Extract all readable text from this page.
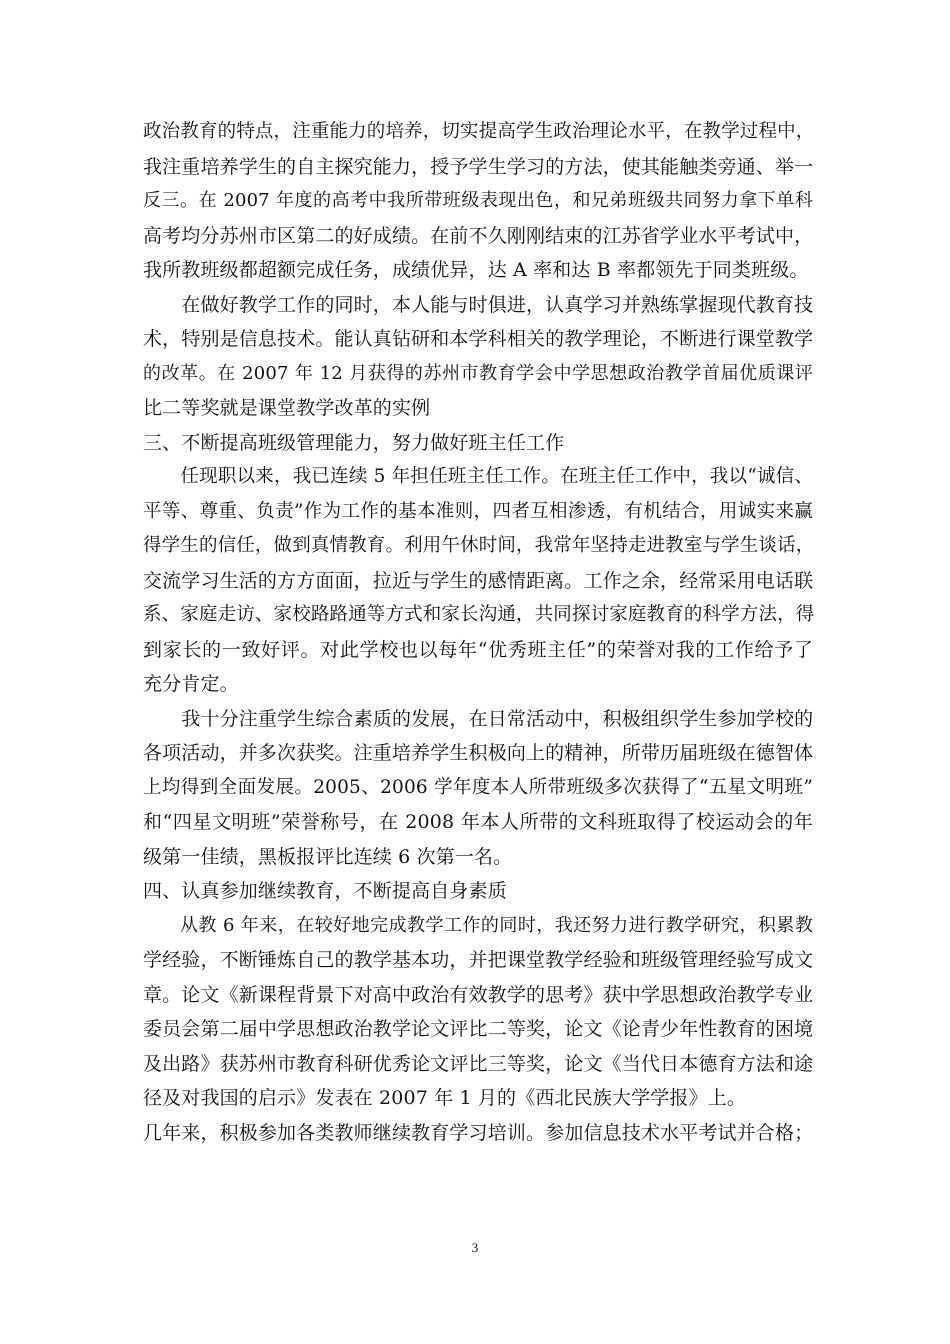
政治教育的特点，注重能力的培养，切实提高学生政治理论水平，在教学过程中，
我注重培养学生的自主探究能力，授予学生学习的方法，使其能触类旁通、举一
反三。在 2007 年度的高考中我所带班级表现出色，和兄弟班级共同努力拿下单科
高考均分苏州市区第二的好成绩。在前不久刚刚结束的江苏省学业水平考试中，
我所教班级都超额完成任务，成绩优异，达 A 率和达 B 率都领先于同类班级。
　　在做好教学工作的同时，本人能与时俱进，认真学习并熟练掌握现代教育技
术，特别是信息技术。能认真钻研和本学科相关的教学理论，不断进行课堂教学
的改革。在 2007 年 12 月获得的苏州市教育学会中学思想政治教学首届优质课评
比二等奖就是课堂教学改革的实例
三、不断提高班级管理能力，努力做好班主任工作
　　任现职以来，我已连续 5 年担任班主任工作。在班主任工作中，我以“诚信、
平等、尊重、负责”作为工作的基本准则，四者互相渗透，有机结合，用诚实来赢
得学生的信任，做到真情教育。利用午休时间，我常年坚持走进教室与学生谈话，
交流学习生活的方方面面，拉近与学生的感情距离。工作之余，经常采用电话联
系、家庭走访、家校路路通等方式和家长沟通，共同探讨家庭教育的科学方法，得
到家长的一致好评。对此学校也以每年“优秀班主任”的荣誉对我的工作给予了
充分肯定。
　　我十分注重学生综合素质的发展，在日常活动中，积极组织学生参加学校的
各项活动，并多次获奖。注重培养学生积极向上的精神，所带历届班级在德智体
上均得到全面发展。2005、2006 学年度本人所带班级多次获得了“五星文明班”
和“四星文明班”荣誉称号，在 2008 年本人所带的文科班取得了校运动会的年
级第一佳绩，黑板报评比连续 6 次第一名。
四、认真参加继续教育，不断提高自身素质
　　从教 6 年来，在较好地完成教学工作的同时，我还努力进行教学研究，积累教
学经验，不断锤炼自己的教学基本功，并把课堂教学经验和班级管理经验写成文
章。论文《新课程背景下对高中政治有效教学的思考》获中学思想政治教学专业
委员会第二届中学思想政治教学论文评比二等奖，论文《论青少年性教育的困境
及出路》获苏州市教育科研优秀论文评比三等奖，论文《当代日本德育方法和途
径及对我国的启示》发表在 2007 年 1 月的《西北民族大学学报》上。
几年来，积极参加各类教师继续教育学习培训。参加信息技术水平考试并合格；
3
